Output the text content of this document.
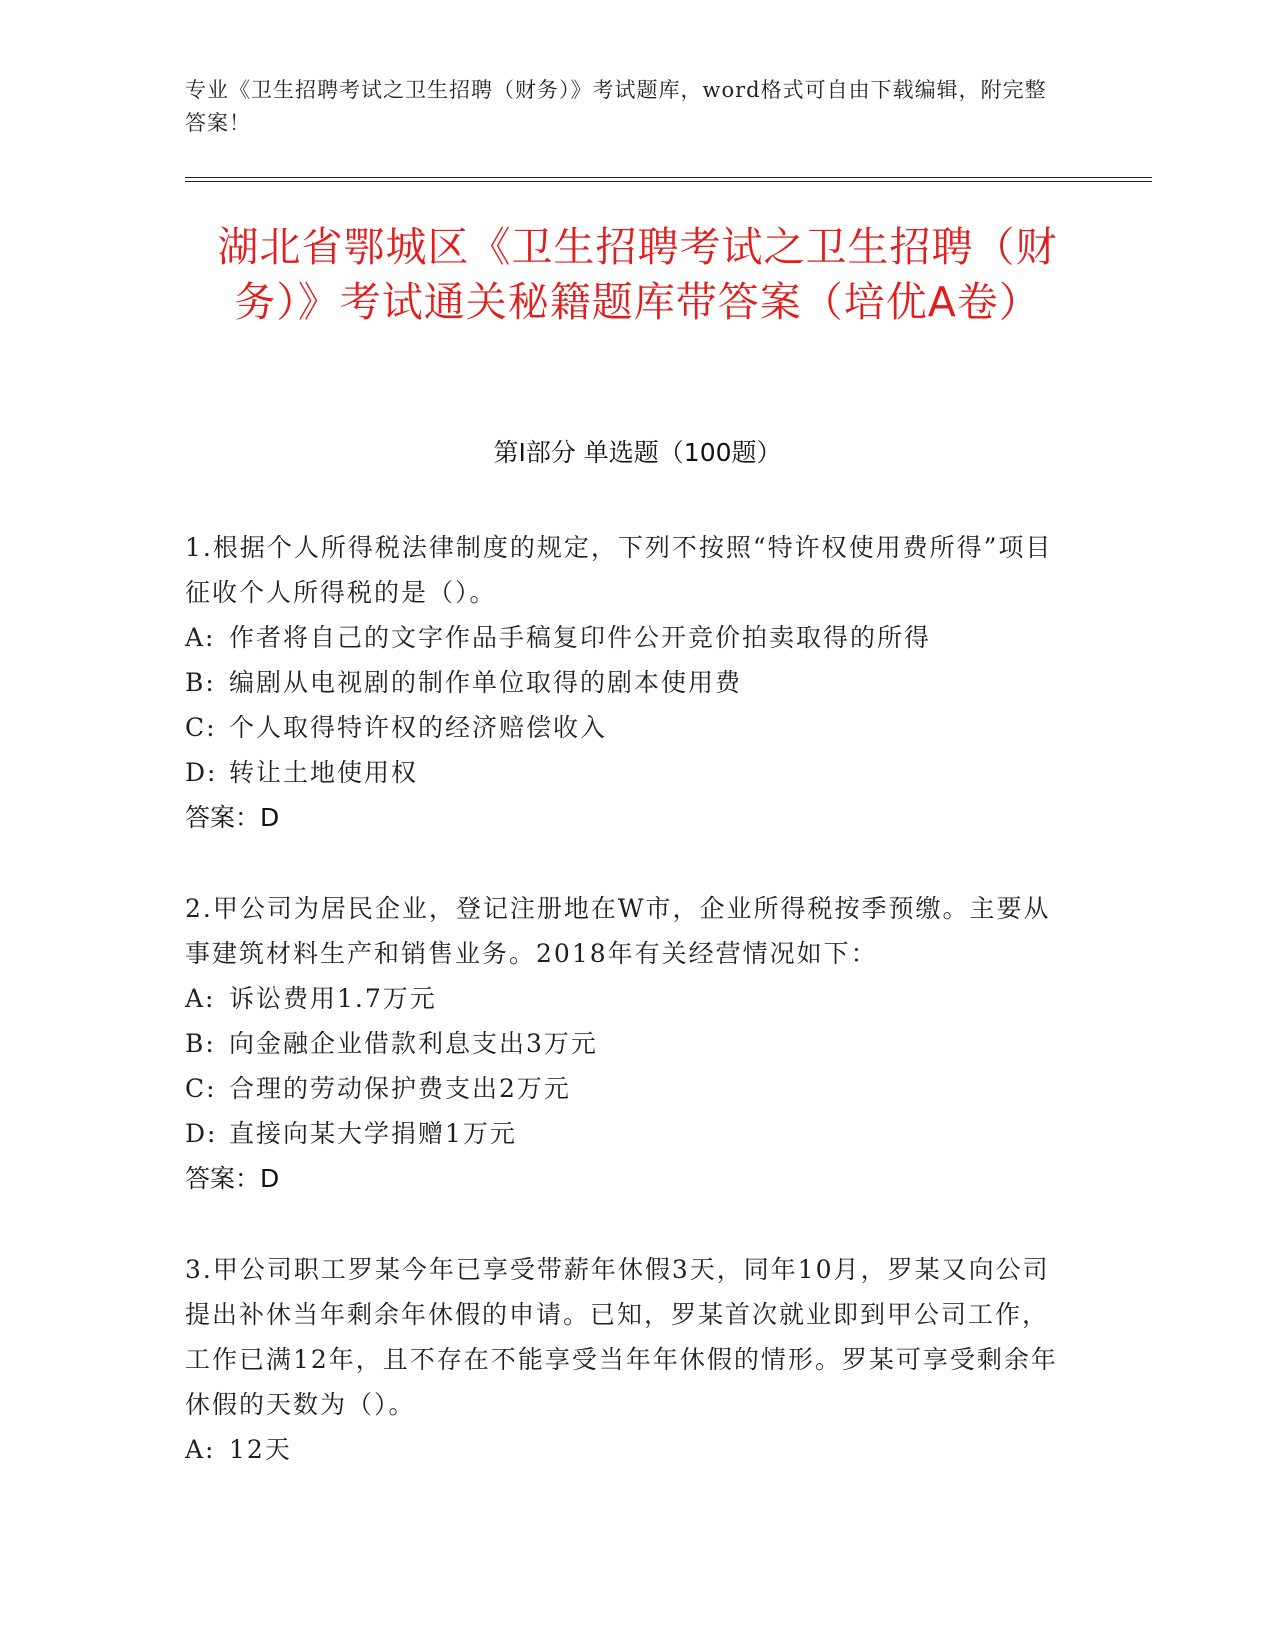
专业《卫生招聘考试之卫生招聘（财务）》考试题库，word格式可自由下载编辑，附完整答案！
湖北省鄂城区《卫生招聘考试之卫生招聘（财务）》考试通关秘籍题库带答案（培优A卷）
第I部分 单选题（100题）
1.根据个人所得税法律制度的规定，下列不按照“特许权使用费所得”项目征收个人所得税的是（）。
A: 作者将自己的文字作品手稿复印件公开竞价拍卖取得的所得
B: 编剧从电视剧的制作单位取得的剧本使用费
C: 个人取得特许权的经济赔偿收入
D: 转让土地使用权
答案：D
2.甲公司为居民企业，登记注册地在W市，企业所得税按季预缴。主要从事建筑材料生产和销售业务。2018年有关经营情况如下：
A: 诉讼费用1.7万元
B: 向金融企业借款利息支出3万元
C: 合理的劳动保护费支出2万元
D: 直接向某大学捐赠1万元
答案：D
3.甲公司职工罗某今年已享受带薪年休假3天，同年10月，罗某又向公司提出补休当年剩余年休假的申请。已知，罗某首次就业即到甲公司工作，工作已满12年，且不存在不能享受当年年休假的情形。罗某可享受剩余年休假的天数为（）。
A: 12天
